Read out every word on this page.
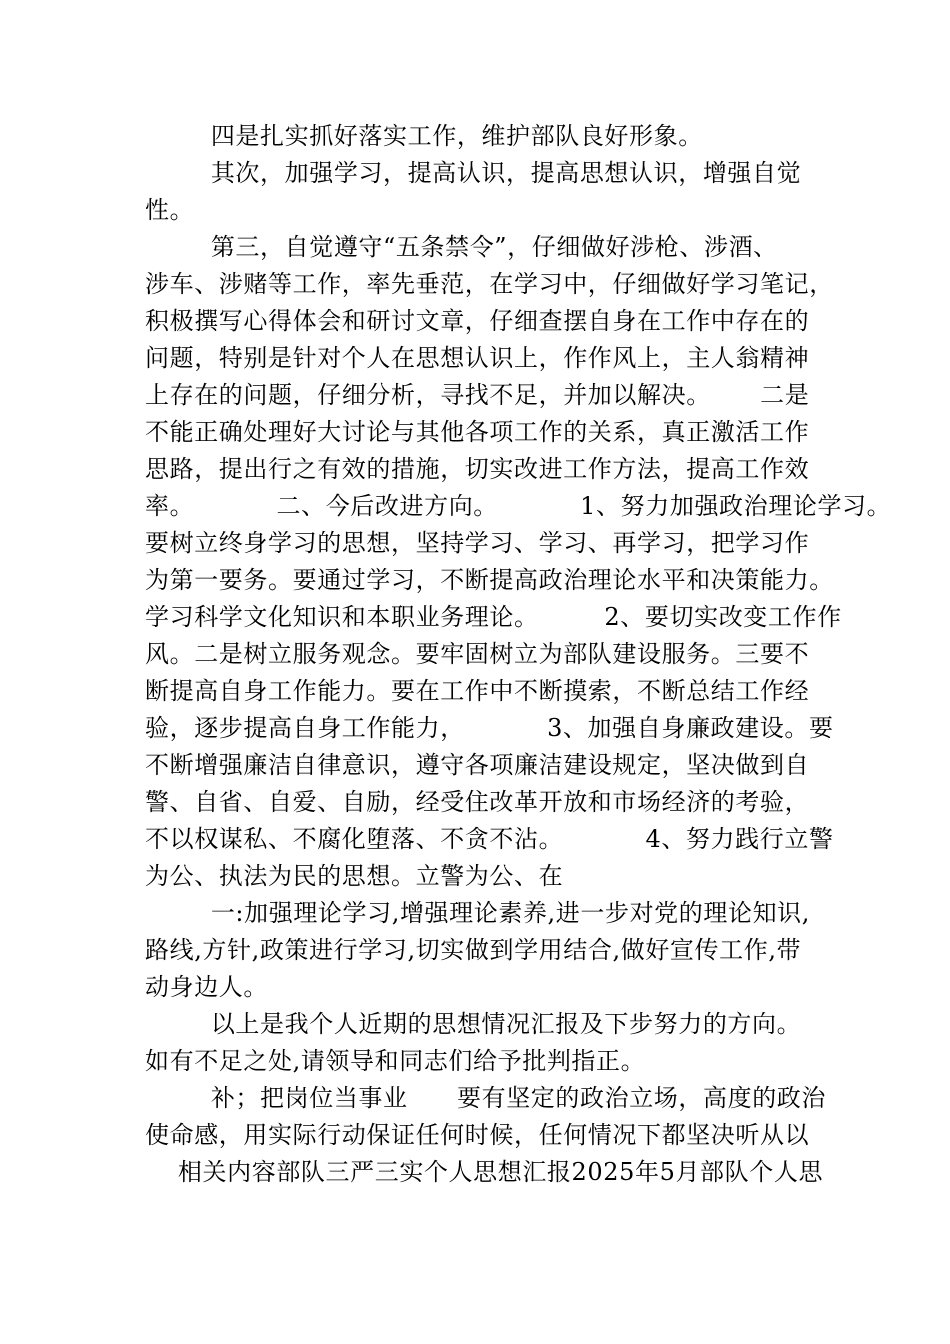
四是扎实抓好落实工作，维护部队良好形象。
其次，加强学习，提高认识，提高思想认识，增强自觉
性。
第三，自觉遵守“五条禁令”，仔细做好涉枪、涉酒、
涉车、涉赌等工作，率先垂范，在学习中，仔细做好学习笔记，
积极撰写心得体会和研讨文章，仔细查摆自身在工作中存在的
问题，特别是针对个人在思想认识上，作作风上，主人翁精神
上存在的问题，仔细分析，寻找不足，并加以解决。      二是
不能正确处理好大讨论与其他各项工作的关系，真正激活工作
思路，提出行之有效的措施，切实改进工作方法，提高工作效
率。          二、今后改进方向。          1、努力加强政治理论学习。
要树立终身学习的思想，坚持学习、学习、再学习，把学习作
为第一要务。要通过学习，不断提高政治理论水平和决策能力。
学习科学文化知识和本职业务理论。        2、要切实改变工作作
风。二是树立服务观念。要牢固树立为部队建设服务。三要不
断提高自身工作能力。要在工作中不断摸索，不断总结工作经
验，逐步提高自身工作能力，          3、加强自身廉政建设。要
不断增强廉洁自律意识，遵守各项廉洁建设规定，坚决做到自
警、自省、自爱、自励，经受住改革开放和市场经济的考验，
不以权谋私、不腐化堕落、不贪不沾。          4、努力践行立警
为公、执法为民的思想。立警为公、在
一:加强理论学习,增强理论素养,进一步对党的理论知识,
路线,方针,政策进行学习,切实做到学用结合,做好宣传工作,带
动身边人。
以上是我个人近期的思想情况汇报及下步努力的方向。
如有不足之处,请领导和同志们给予批判指正。
补；把岗位当事业      要有坚定的政治立场，高度的政治
使命感，用实际行动保证任何时候，任何情况下都坚决听从以
相关内容部队三严三实个人思想汇报2025年5月部队个人思
